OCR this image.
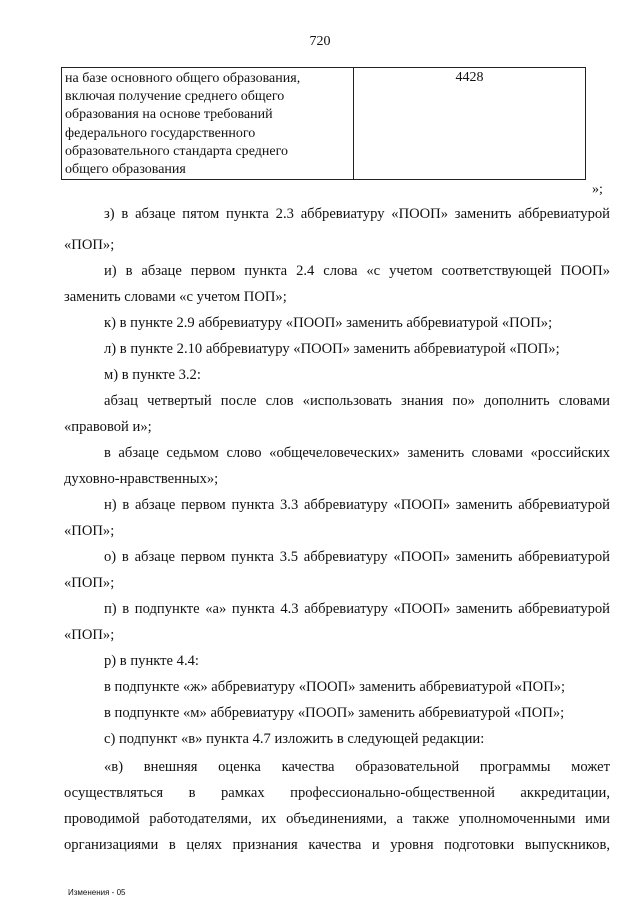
720
на базе основного общего образования,
включая получение среднего общего
образования на основе требований
федерального государственного
образовательного стандарта среднего
общего образования
4428
»;
з) в абзаце пятом пункта 2.3 аббревиатуру «ПООП» заменить аббревиатурой
«ПОП»;
и) в абзаце первом пункта 2.4 слова «с учетом соответствующей ПООП»
заменить словами «с учетом ПОП»;
к) в пункте 2.9 аббревиатуру «ПООП» заменить аббревиатурой «ПОП»;
л) в пункте 2.10 аббревиатуру «ПООП» заменить аббревиатурой «ПОП»;
м) в пункте 3.2:
абзац четвертый после слов «использовать знания по» дополнить словами
«правовой и»;
в абзаце седьмом слово «общечеловеческих» заменить словами «российских
духовно-нравственных»;
н) в абзаце первом пункта 3.3 аббревиатуру «ПООП» заменить аббревиатурой
«ПОП»;
о) в абзаце первом пункта 3.5 аббревиатуру «ПООП» заменить аббревиатурой
«ПОП»;
п) в подпункте «а» пункта 4.3 аббревиатуру «ПООП» заменить аббревиатурой
«ПОП»;
р) в пункте 4.4:
в подпункте «ж» аббревиатуру «ПООП» заменить аббревиатурой «ПОП»;
в подпункте «м» аббревиатуру «ПООП» заменить аббревиатурой «ПОП»;
с) подпункт «в» пункта 4.7 изложить в следующей редакции:
«в) внешняя оценка качества образовательной программы может
осуществляться в рамках профессионально-общественной аккредитации,
проводимой работодателями, их объединениями, а также уполномоченными ими
организациями в целях признания качества и уровня подготовки выпускников,
Изменения - 05
